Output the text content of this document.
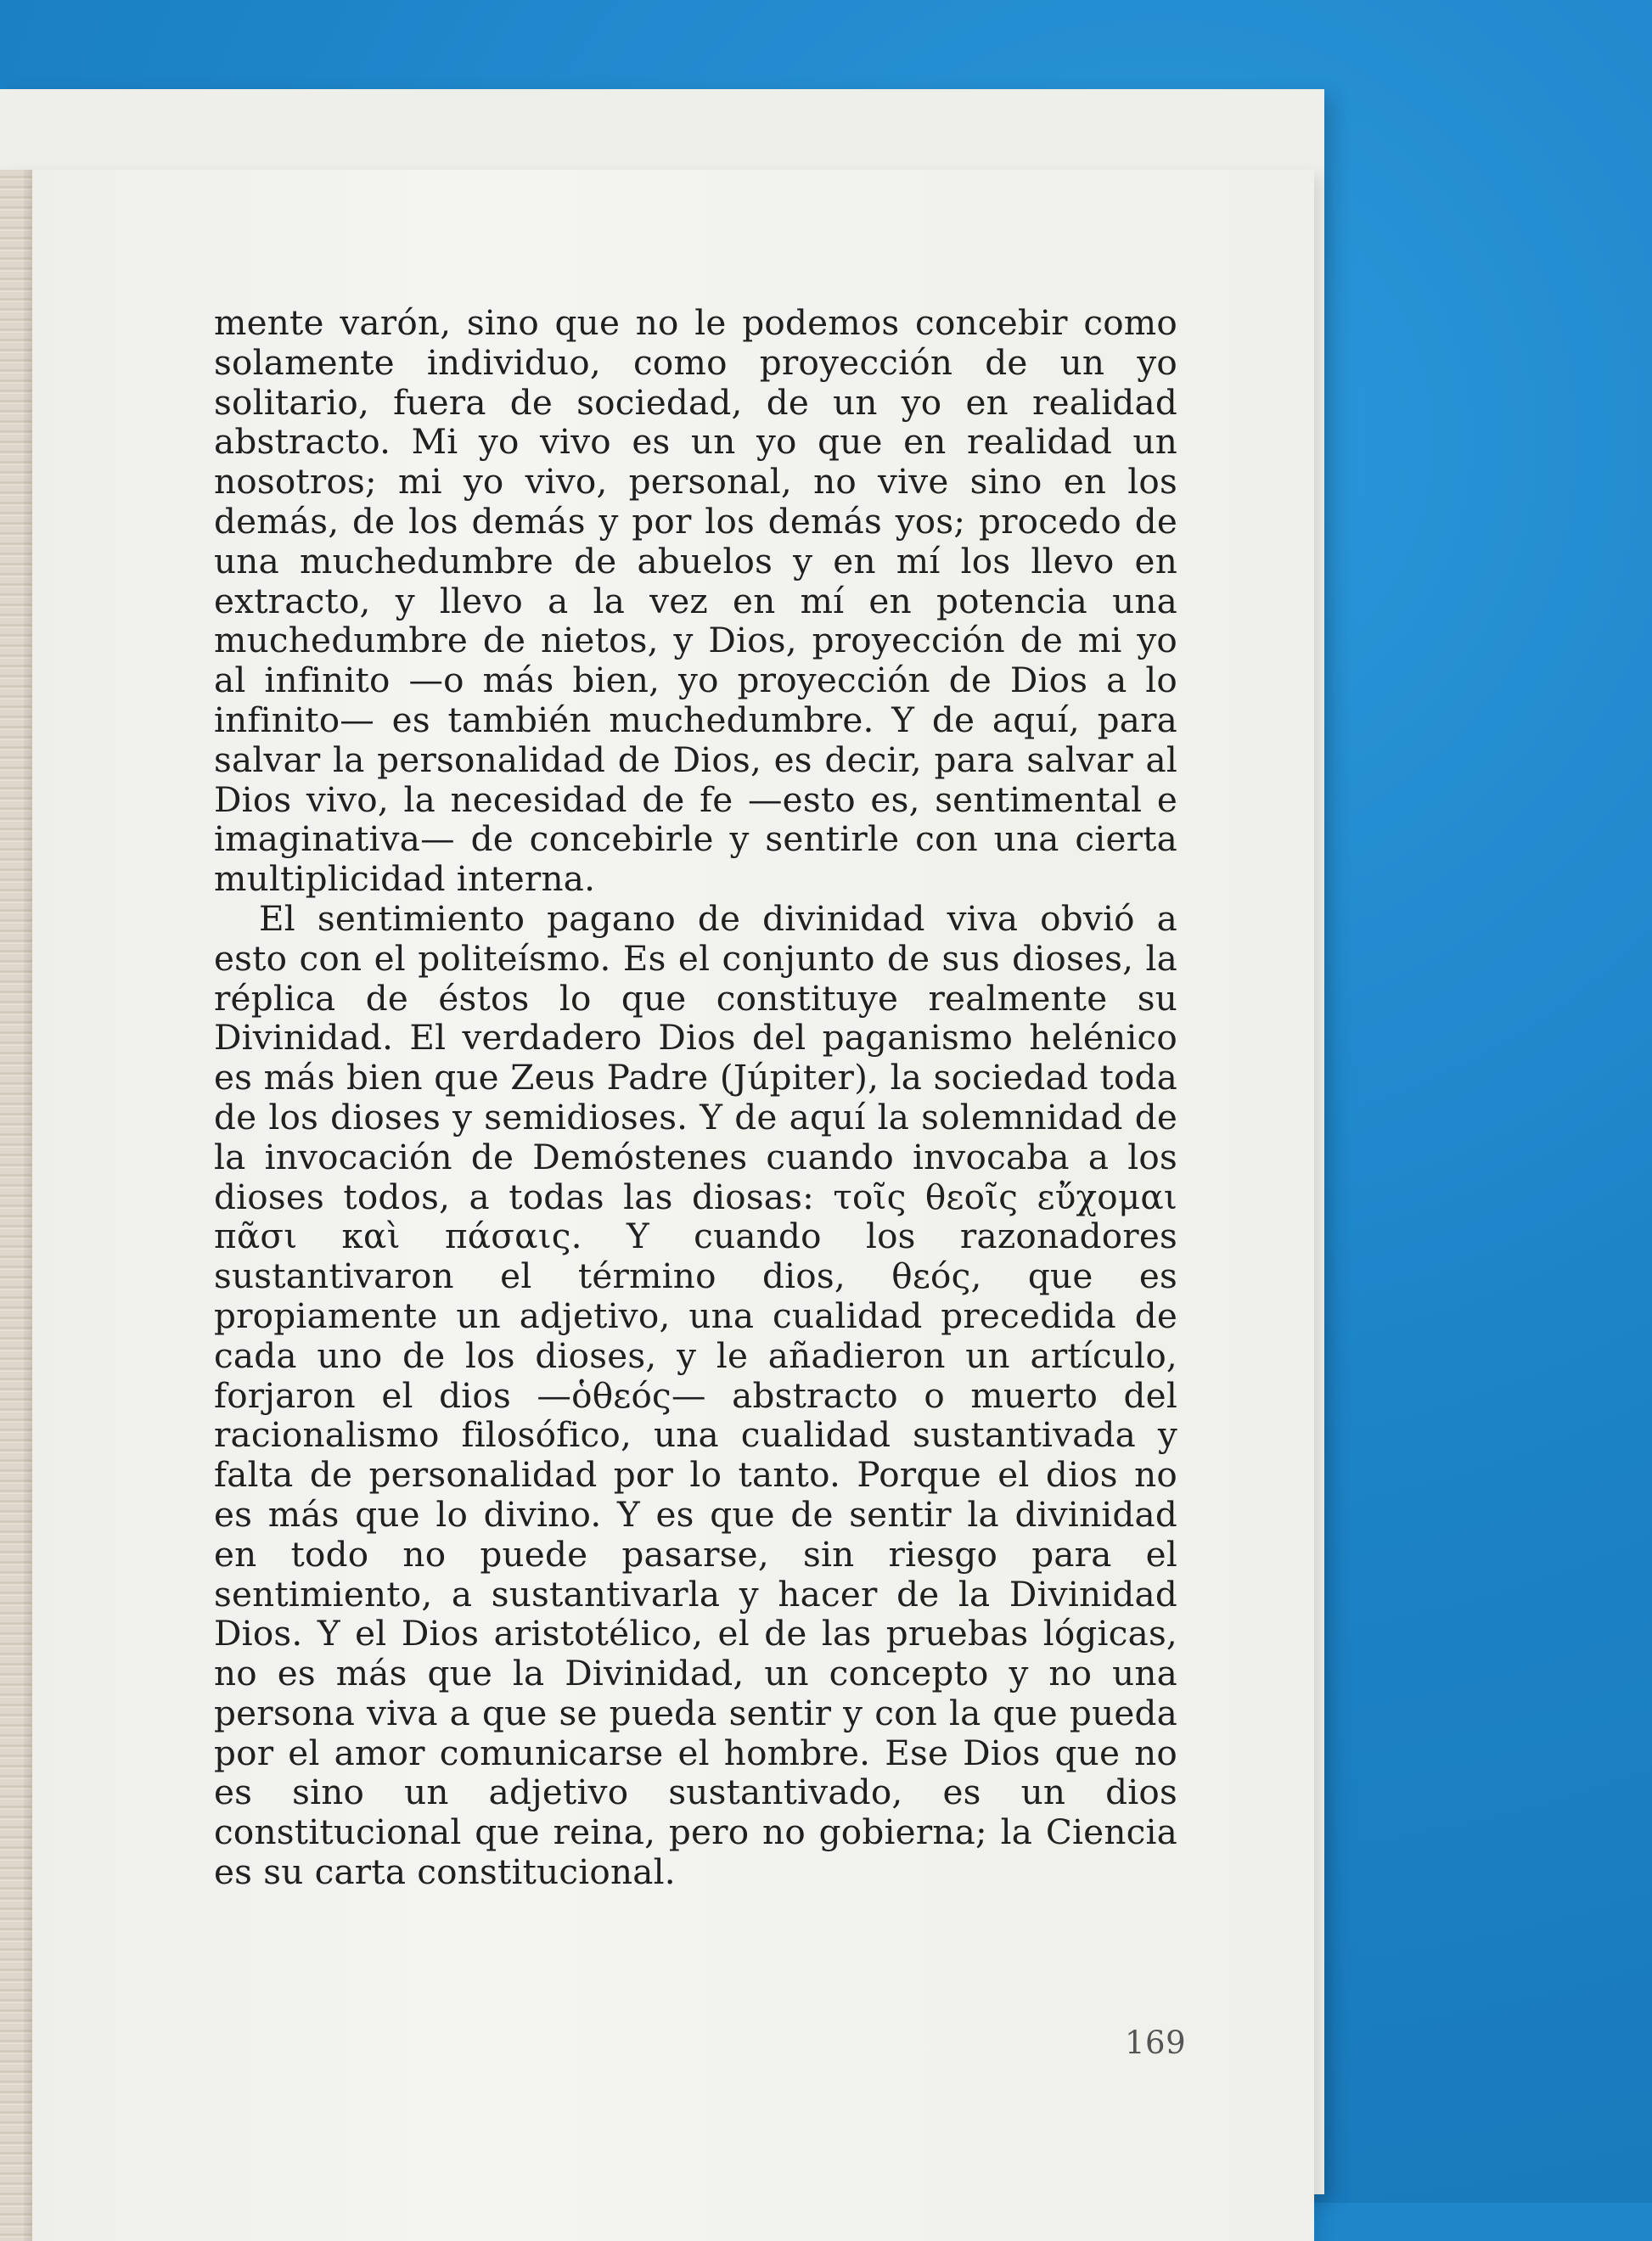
mente varón, sino que no le podemos concebir como solamente individuo, como proyección de un yo solitario, fuera de sociedad, de un yo en realidad abstracto. Mi yo vivo es un yo que en realidad un nosotros; mi yo vivo, personal, no vive sino en los demás, de los demás y por los demás yos; procedo de una muchedumbre de abuelos y en mí los llevo en extracto, y llevo a la vez en mí en potencia una muchedumbre de nietos, y Dios, proyección de mi yo al infinito —o más bien, yo proyección de Dios a lo infinito— es también muchedumbre. Y de aquí, para salvar la personalidad de Dios, es decir, para salvar al Dios vivo, la necesidad de fe —esto es, sentimental e imaginativa— de concebirle y sentirle con una cierta multiplicidad interna.

El sentimiento pagano de divinidad viva obvió a esto con el politeísmo. Es el conjunto de sus dioses, la réplica de éstos lo que constituye realmente su Divinidad. El verdadero Dios del paganismo helénico es más bien que Zeus Padre (Júpiter), la sociedad toda de los dioses y semidioses. Y de aquí la solemnidad de la invocación de Demóstenes cuando invocaba a los dioses todos, a todas las diosas: τοῖς θεοῖς εὔχομαι πᾶσι καὶ πάσαις. Y cuando los razonadores sustantivaron el término dios, θεός, que es propiamente un adjetivo, una cualidad precedida de cada uno de los dioses, y le añadieron un artículo, forjaron el dios —ὁθεός— abstracto o muerto del racionalismo filosófico, una cualidad sustantivada y falta de personalidad por lo tanto. Porque el dios no es más que lo divino. Y es que de sentir la divinidad en todo no puede pasarse, sin riesgo para el sentimiento, a sustantivarla y hacer de la Divinidad Dios. Y el Dios aristotélico, el de las pruebas lógicas, no es más que la Divinidad, un concepto y no una persona viva a que se pueda sentir y con la que pueda por el amor comunicarse el hombre. Ese Dios que no es sino un adjetivo sustantivado, es un dios constitucional que reina, pero no gobierna; la Ciencia es su carta constitucional.

169
